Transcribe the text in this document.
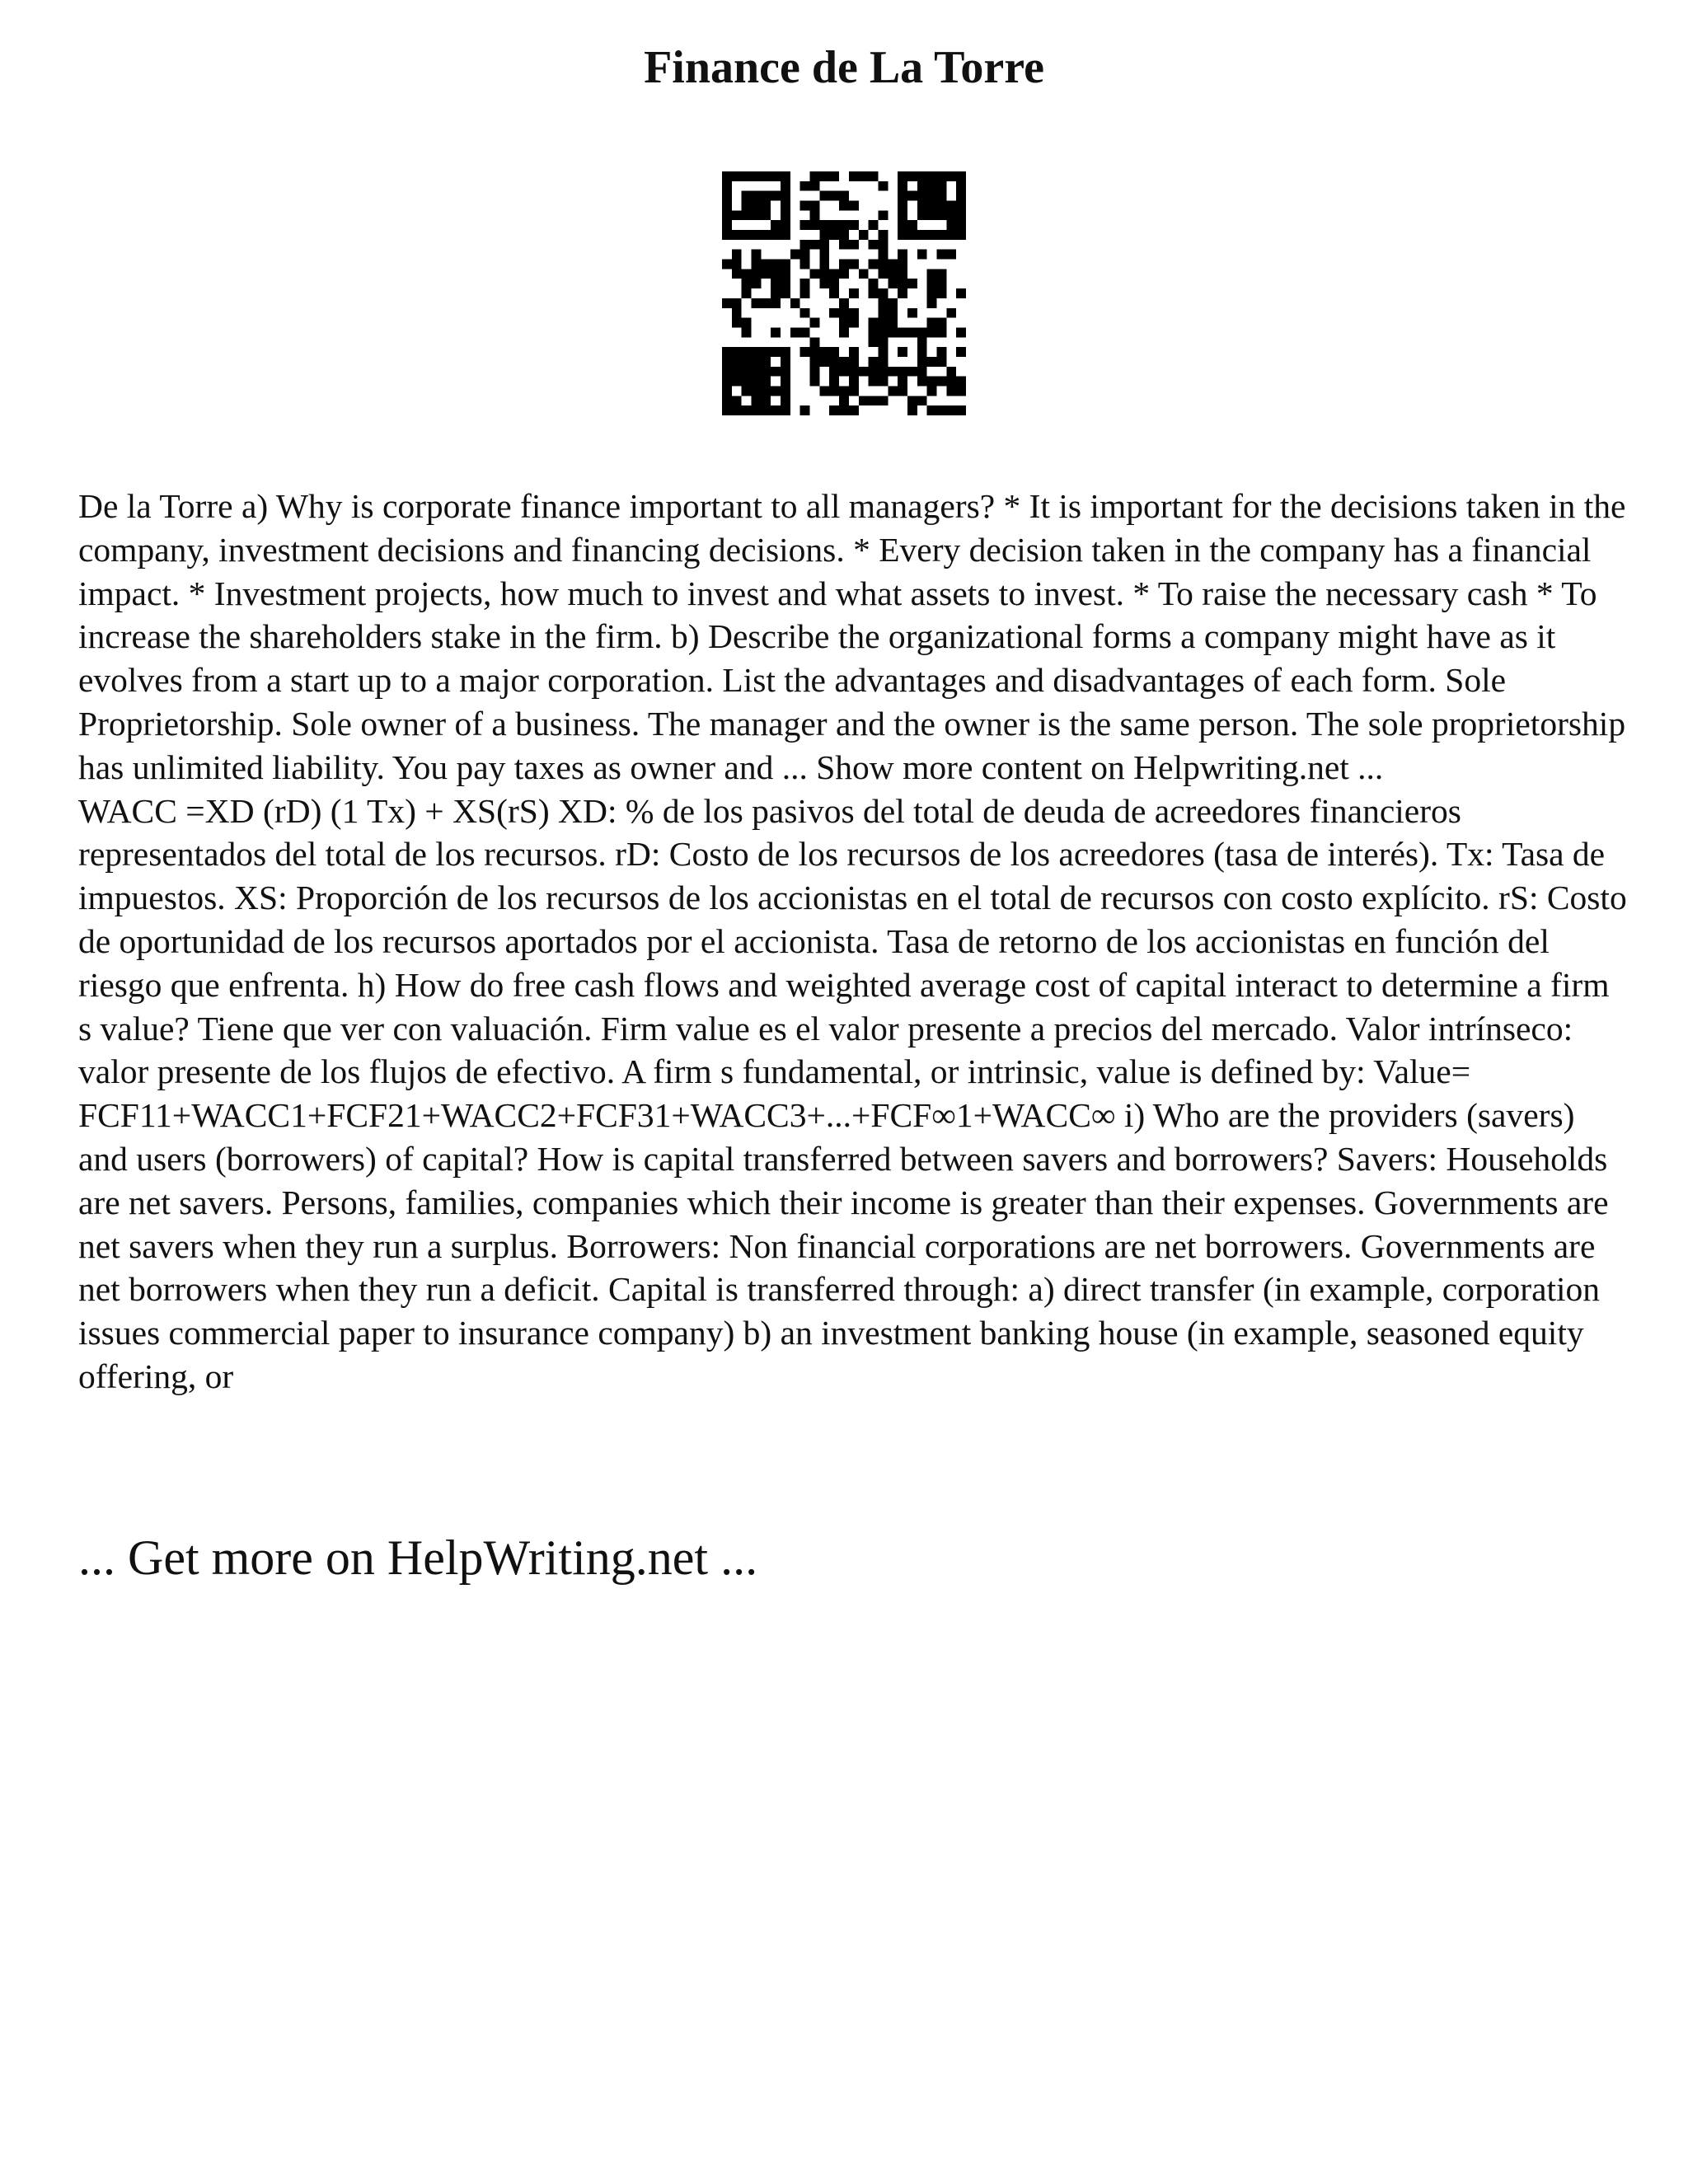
Finance de La Torre

De la Torre a) Why is corporate finance important to all managers? * It is important for the decisions taken in the company, investment decisions and financing decisions. * Every decision taken in the company has a financial impact. * Investment projects, how much to invest and what assets to invest. * To raise the necessary cash * To increase the shareholders stake in the firm. b) Describe the organizational forms a company might have as it evolves from a start up to a major corporation. List the advantages and disadvantages of each form. Sole Proprietorship. Sole owner of a business. The manager and the owner is the same person. The sole proprietorship has unlimited liability. You pay taxes as owner and ... Show more content on Helpwriting.net ...

WACC =XD (rD) (1 Tx) + XS(rS) XD: % de los pasivos del total de deuda de acreedores financieros representados del total de los recursos. rD: Costo de los recursos de los acreedores (tasa de interés). Tx: Tasa de impuestos. XS: Proporción de los recursos de los accionistas en el total de recursos con costo explícito. rS: Costo de oportunidad de los recursos aportados por el accionista. Tasa de retorno de los accionistas en función del riesgo que enfrenta. h) How do free cash flows and weighted average cost of capital interact to determine a firm s value? Tiene que ver con valuación. Firm value es el valor presente a precios del mercado. Valor intrínseco: valor presente de los flujos de efectivo. A firm s fundamental, or intrinsic, value is defined by: Value= FCF11+WACC1+FCF21+WACC2+FCF31+WACC3+...+FCF∞1+WACC∞ i) Who are the providers (savers) and users (borrowers) of capital? How is capital transferred between savers and borrowers? Savers: Households are net savers. Persons, families, companies which their income is greater than their expenses. Governments are net savers when they run a surplus. Borrowers: Non financial corporations are net borrowers. Governments are net borrowers when they run a deficit. Capital is transferred through: a) direct transfer (in example, corporation issues commercial paper to insurance company) b) an investment banking house (in example, seasoned equity offering, or

... Get more on HelpWriting.net ...
